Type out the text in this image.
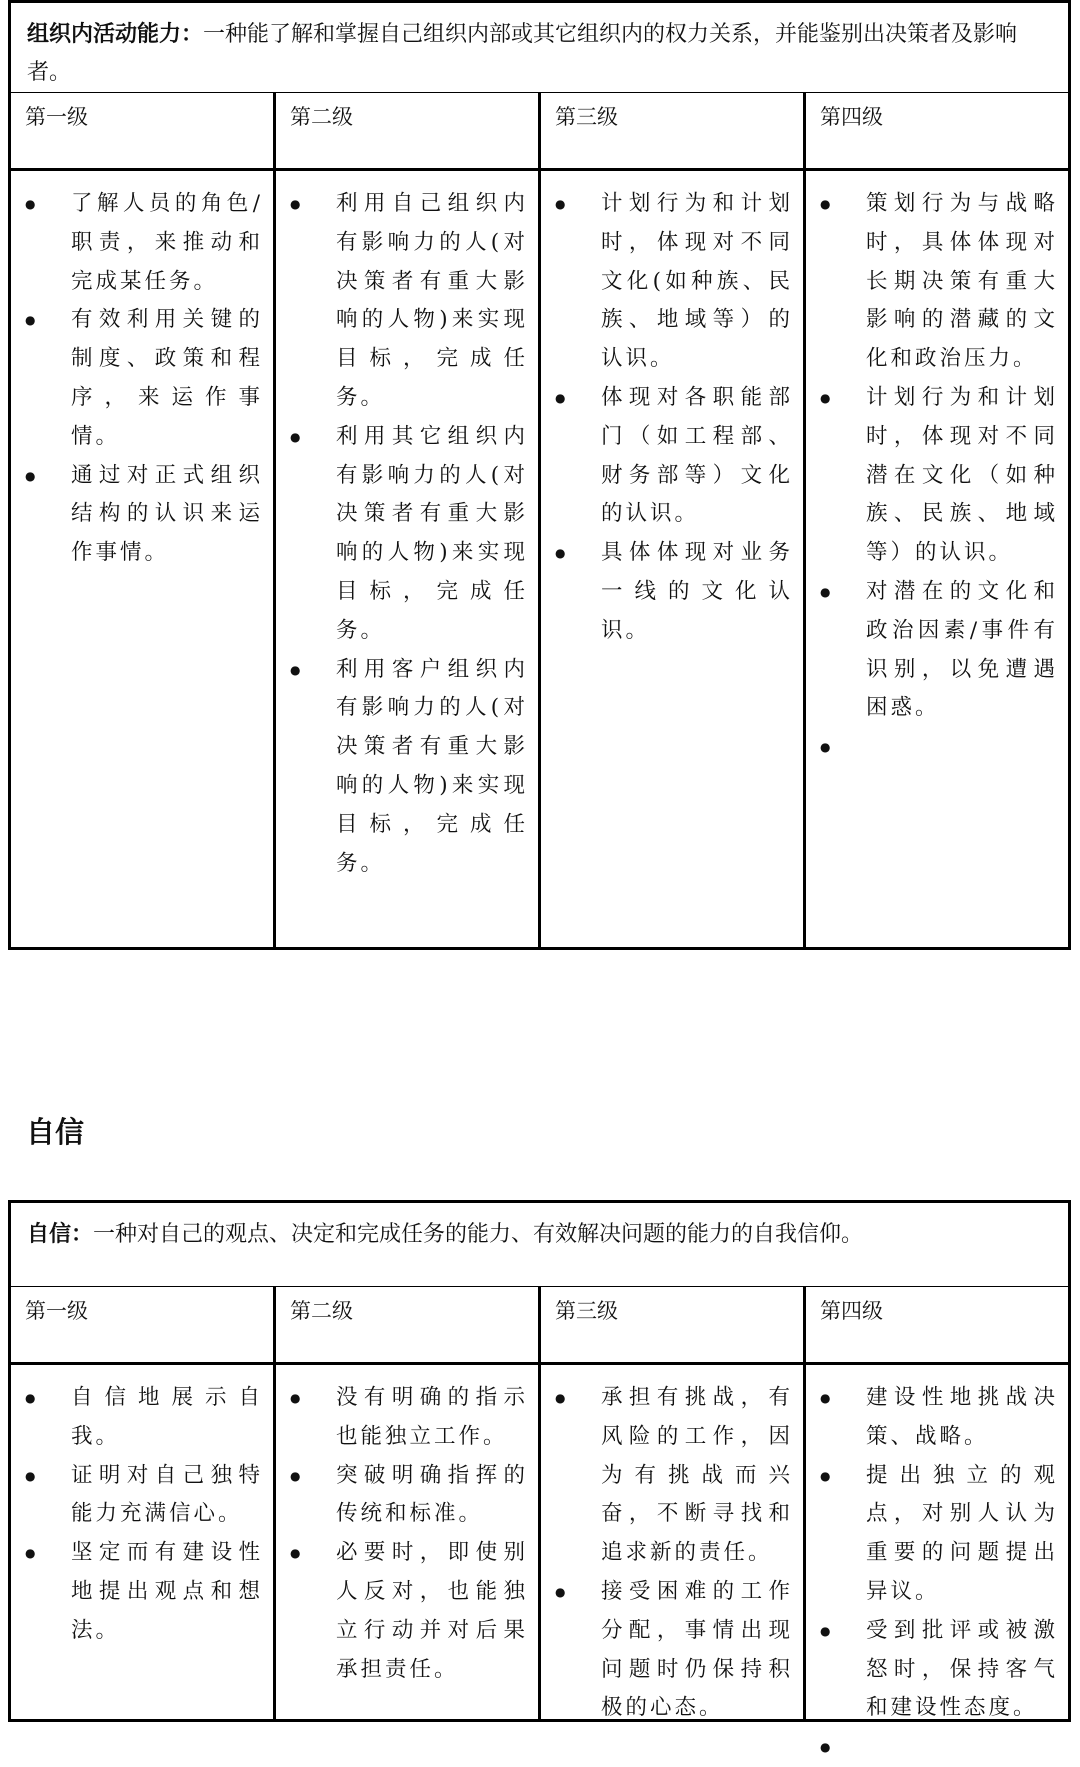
组织内活动能力：一种能了解和掌握自己组织内部或其它组织内的权力关系，并能鉴别出决策者及影响者。
第一级
● 了解人员的角色/职责，来推动和完成某任务。
● 有效利用关键的制度、政策和程序，来运作事情。
● 通过对正式组织结构的认识来运作事情。
第二级
● 利用自己组织内有影响力的人(对决策者有重大影响的人物)来实现目标，完成任务。
● 利用其它组织内有影响力的人(对决策者有重大影响的人物)来实现目标，完成任务。
● 利用客户组织内有影响力的人(对决策者有重大影响的人物)来实现目标，完成任务。
第三级
● 计划行为和计划时，体现对不同文化(如种族、民族、地域等）的认识。
● 体现对各职能部门（如工程部、财务部等）文化的认识。
● 具体体现对业务一线的文化认识。
第四级
● 策划行为与战略时，具体体现对长期决策有重大影响的潜藏的文化和政治压力。
● 计划行为和计划时，体现对不同潜在文化（如种族、民族、地域等）的认识。
● 对潜在的文化和政治因素/事件有识别，以免遭遇困惑。
●
自信
自信：一种对自己的观点、决定和完成任务的能力、有效解决问题的能力的自我信仰。
第一级
● 自信地展示自我。
● 证明对自己独特能力充满信心。
● 坚定而有建设性地提出观点和想法。
第二级
● 没有明确的指示也能独立工作。
● 突破明确指挥的传统和标准。
● 必要时，即使别人反对，也能独立行动并对后果承担责任。
第三级
● 承担有挑战，有风险的工作，因为有挑战而兴奋，不断寻找和追求新的责任。
● 接受困难的工作分配，事情出现问题时仍保持积极的心态。
第四级
● 建设性地挑战决策、战略。
● 提出独立的观点，对别人认为重要的问题提出异议。
● 受到批评或被激怒时，保持客气和建设性态度。
●
